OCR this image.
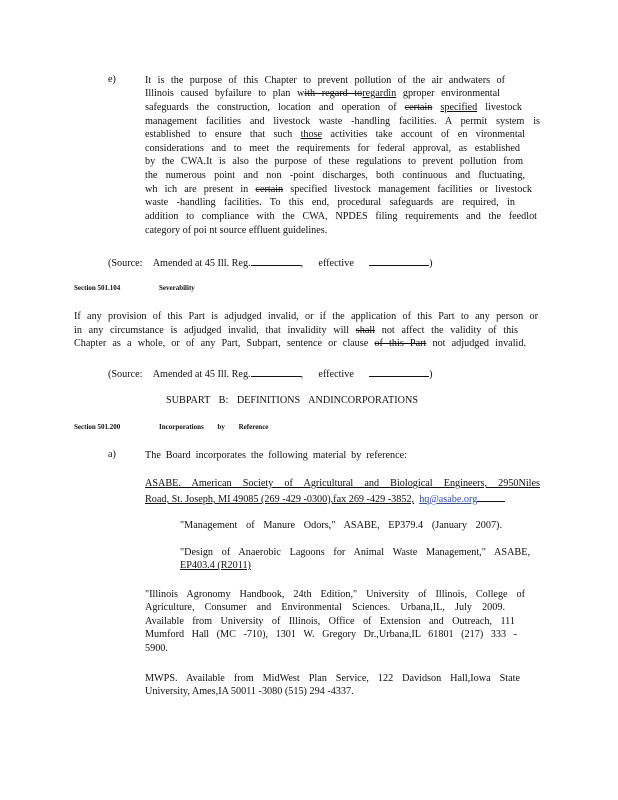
e)	It is the purpose of this Chapter to prevent pollution of the air andwaters of
Illinois caused byfailure to plan with regard toregardin gproper environmental
safeguards the construction, location and operation of certain specified livestock
management facilities and livestock waste -handling facilities. A permit system is
established to ensure that such those activities take account of en vironmental
considerations and to meet the requirements for federal approval, as established
by the CWA.It is also the purpose of these regulations to prevent pollution from
the numerous point and non -point discharges, both continuous and fluctuating,
wh ich are present in certain specified livestock management facilities or livestock
waste -handling facilities. To this end, procedural safeguards are required, in
addition to compliance with the CWA, NPDES filing requirements and the feedlot
category of poi nt source effluent guidelines.
(Source: Amended at 45 Ill. Reg.	,      effective	)
Section 501.104	Severability
If any provision of this Part is adjudged invalid, or if the application of this Part to any person or
in any circumstance is adjudged invalid, that invalidity will shall not affect the validity of this
Chapter as a whole, or of any Part, Subpart, sentence or clause of this Part not adjudged invalid.
(Source: Amended at 45 Ill. Reg.	,      effective	)
SUBPART B: DEFINITIONS ANDINCORPORATIONS
Section 501.200	Incorporations by Reference
a)	The Board incorporates the following material by reference:
ASABE. American Society of Agricultural and Biological Engineers, 2950Niles
Road, St. Joseph, MI 49085 (269 -429 -0300),fax 269 -429 -3852, hq@asabe.org
"Management of Manure Odors," ASABE, EP379.4 (January 2007).
"Design of Anaerobic Lagoons for Animal Waste Management," ASABE,
EP403.4 (R2011)
"Illinois Agronomy Handbook, 24th Edition," University of Illinois, College of
Agriculture, Consumer and Environmental Sciences. Urbana,IL, July 2009.
Available from University of Illinois, Office of Extension and Outreach, 111
Mumford Hall (MC -710), 1301 W. Gregory Dr.,Urbana,IL 61801 (217) 333 -
5900.
MWPS. Available from MidWest Plan Service, 122 Davidson Hall,Iowa State
University, Ames,IA 50011 -3080 (515) 294 -4337.
